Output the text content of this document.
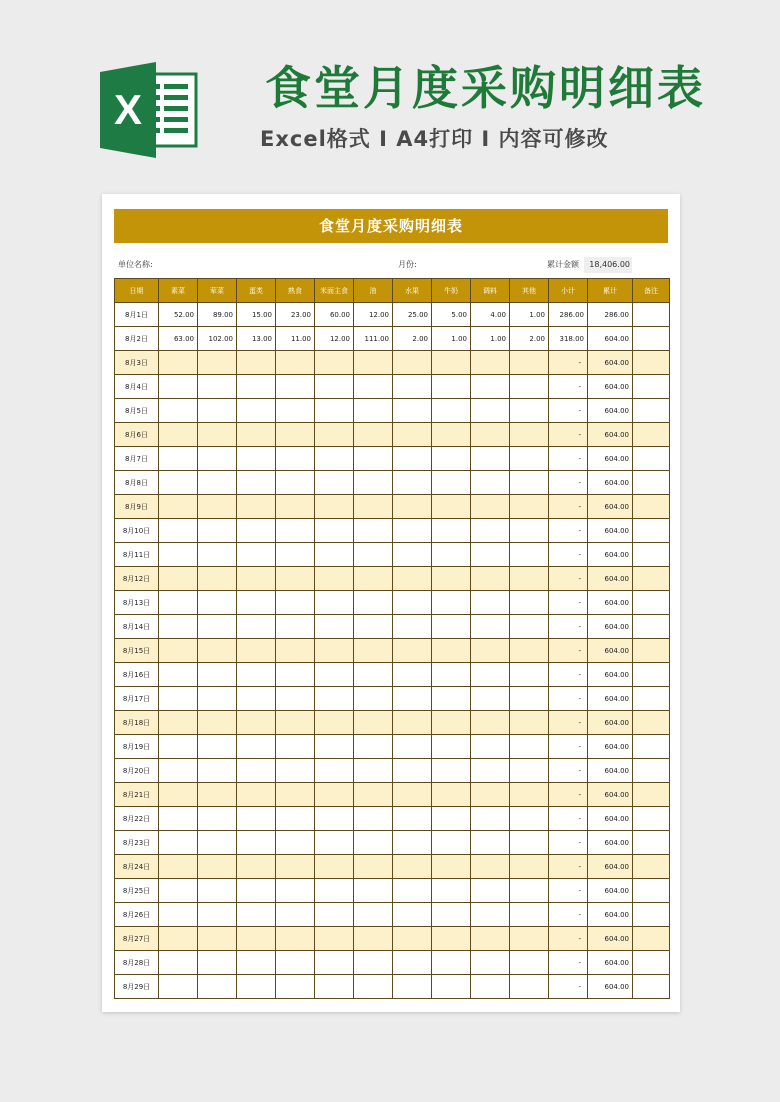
X	食堂月度采购明细表
Excel格式 I A4打印 I 内容可修改
食堂月度采购明细表
单位名称:	月份:	累计金额	18,406.00
日期	素菜	荤菜	蛋类	熟食	米面主食	油	水果	牛奶	调料	其他	小计	累计	备注
8月1日	52.00	89.00	15.00	23.00	60.00	12.00	25.00	5.00	4.00	1.00	286.00	286.00	
8月2日	63.00	102.00	13.00	11.00	12.00	111.00	2.00	1.00	1.00	2.00	318.00	604.00	
8月3日											-	604.00	
8月4日											-	604.00	
8月5日											-	604.00	
8月6日											-	604.00	
8月7日											-	604.00	
8月8日											-	604.00	
8月9日											-	604.00	
8月10日											-	604.00	
8月11日											-	604.00	
8月12日											-	604.00	
8月13日											-	604.00	
8月14日											-	604.00	
8月15日											-	604.00	
8月16日											-	604.00	
8月17日											-	604.00	
8月18日											-	604.00	
8月19日											-	604.00	
8月20日											-	604.00	
8月21日											-	604.00	
8月22日											-	604.00	
8月23日											-	604.00	
8月24日											-	604.00	
8月25日											-	604.00	
8月26日											-	604.00	
8月27日											-	604.00	
8月28日											-	604.00	
8月29日											-	604.00	
